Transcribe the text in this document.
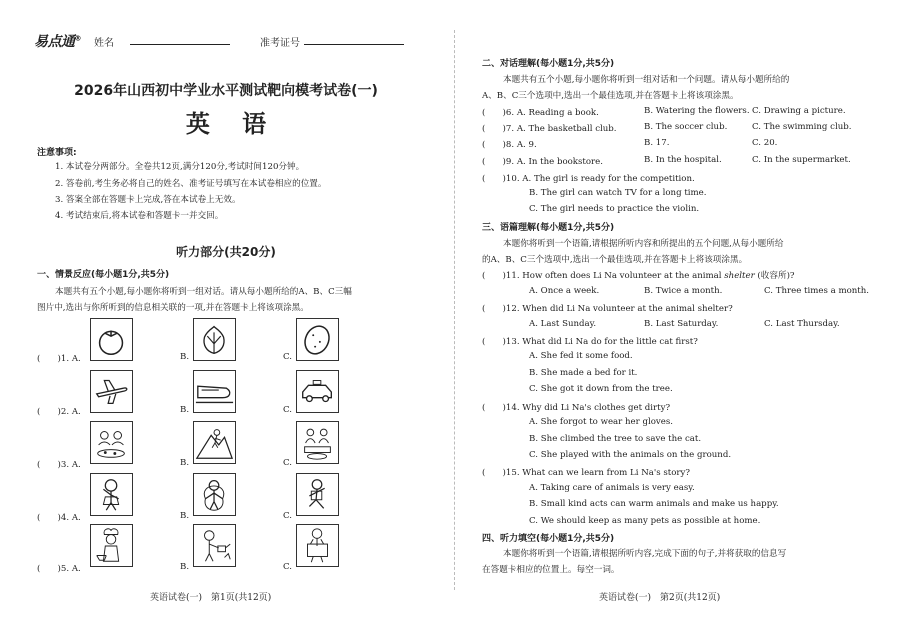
易点通® 姓名	准考证号
2026年山西初中学业水平测试靶向模考试卷(一)
英 语
注意事项:
1. 本试卷分两部分。全卷共12页,满分120分,考试时间120分钟。
2. 答卷前,考生务必将自己的姓名、准考证号填写在本试卷相应的位置。
3. 答案全部在答题卡上完成,答在本试卷上无效。
4. 考试结束后,将本试卷和答题卡一并交回。
听力部分(共20分)
一、情景反应(每小题1分,共5分)
本题共有五个小题,每小题你将听到一组对话。请从每小题所给的A、B、C三幅
图片中,选出与你所听到的信息相关联的一项,并在答题卡上将该项涂黑。
(　　)1. A.	B.	C.
(　　)2. A.	B.	C.
(　　)3. A.	B.	C.
(　　)4. A.	B.	C.
(　　)5. A.	B.	C.
英语试卷(一)　第1页(共12页)
二、对话理解(每小题1分,共5分)
本题共有五个小题,每小题你将听到一组对话和一个问题。请从每小题所给的
A、B、C三个选项中,选出一个最佳选项,并在答题卡上将该项涂黑。
(　　)6. A. Reading a book.	B. Watering the flowers. C. Drawing a picture.
(　　)7. A. The basketball club.	B. The soccer club.	C. The swimming club.
(　　)8. A. 9.	B. 17.	C. 20.
(　　)9. A. In the bookstore.	B. In the hospital.	C. In the supermarket.
(　　)10. A. The girl is ready for the competition.
B. The girl can watch TV for a long time.
C. The girl needs to practice the violin.
三、语篇理解(每小题1分,共5分)
本题你将听到一个语篇,请根据所听内容和所提出的五个问题,从每小题所给
的A、B、C三个选项中,选出一个最佳选项,并在答题卡上将该项涂黑。
(　　)11. How often does Li Na volunteer at the animal shelter (收容所)?
A. Once a week.	B. Twice a month.	C. Three times a month.
(　　)12. When did Li Na volunteer at the animal shelter?
A. Last Sunday.	B. Last Saturday.	C. Last Thursday.
(　　)13. What did Li Na do for the little cat first?
A. She fed it some food.
B. She made a bed for it.
C. She got it down from the tree.
(　　)14. Why did Li Na's clothes get dirty?
A. She forgot to wear her gloves.
B. She climbed the tree to save the cat.
C. She played with the animals on the ground.
(　　)15. What can we learn from Li Na's story?
A. Taking care of animals is very easy.
B. Small kind acts can warm animals and make us happy.
C. We should keep as many pets as possible at home.
四、听力填空(每小题1分,共5分)
本题你将听到一个语篇,请根据所听内容,完成下面的句子,并将获取的信息写
在答题卡相应的位置上。每空一词。
英语试卷(一)　第2页(共12页)
